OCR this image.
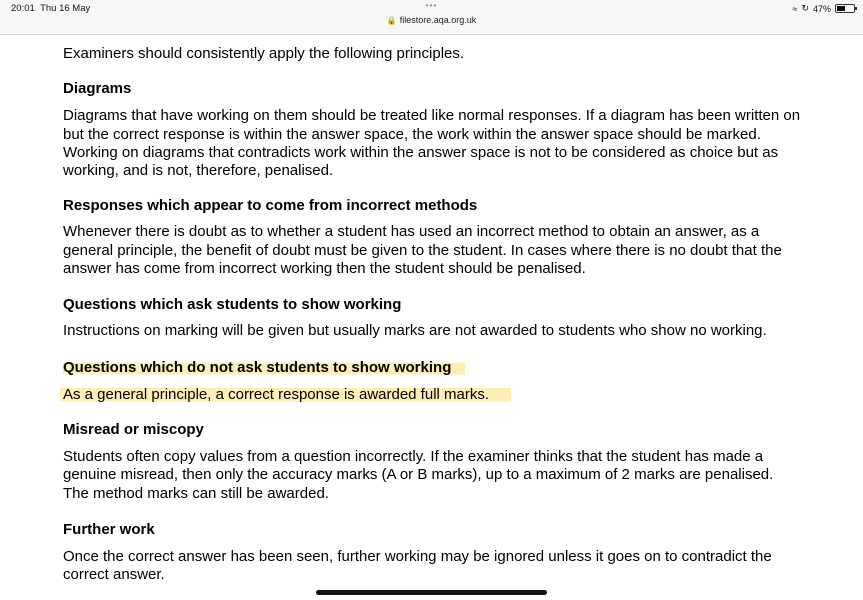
20:01 Thu 16 May	•••
🔒 filestore.aqa.org.uk
≈ ↻ 47%

Examiners should consistently apply the following principles.

Diagrams

Diagrams that have working on them should be treated like normal responses. If a diagram has been written on but the correct response is within the answer space, the work within the answer space should be marked. Working on diagrams that contradicts work within the answer space is not to be considered as choice but as working, and is not, therefore, penalised.

Responses which appear to come from incorrect methods

Whenever there is doubt as to whether a student has used an incorrect method to obtain an answer, as a general principle, the benefit of doubt must be given to the student. In cases where there is no doubt that the answer has come from incorrect working then the student should be penalised.

Questions which ask students to show working

Instructions on marking will be given but usually marks are not awarded to students who show no working.

Questions which do not ask students to show working

As a general principle, a correct response is awarded full marks.

Misread or miscopy

Students often copy values from a question incorrectly. If the examiner thinks that the student has made a genuine misread, then only the accuracy marks (A or B marks), up to a maximum of 2 marks are penalised. The method marks can still be awarded.

Further work

Once the correct answer has been seen, further working may be ignored unless it goes on to contradict the correct answer.
